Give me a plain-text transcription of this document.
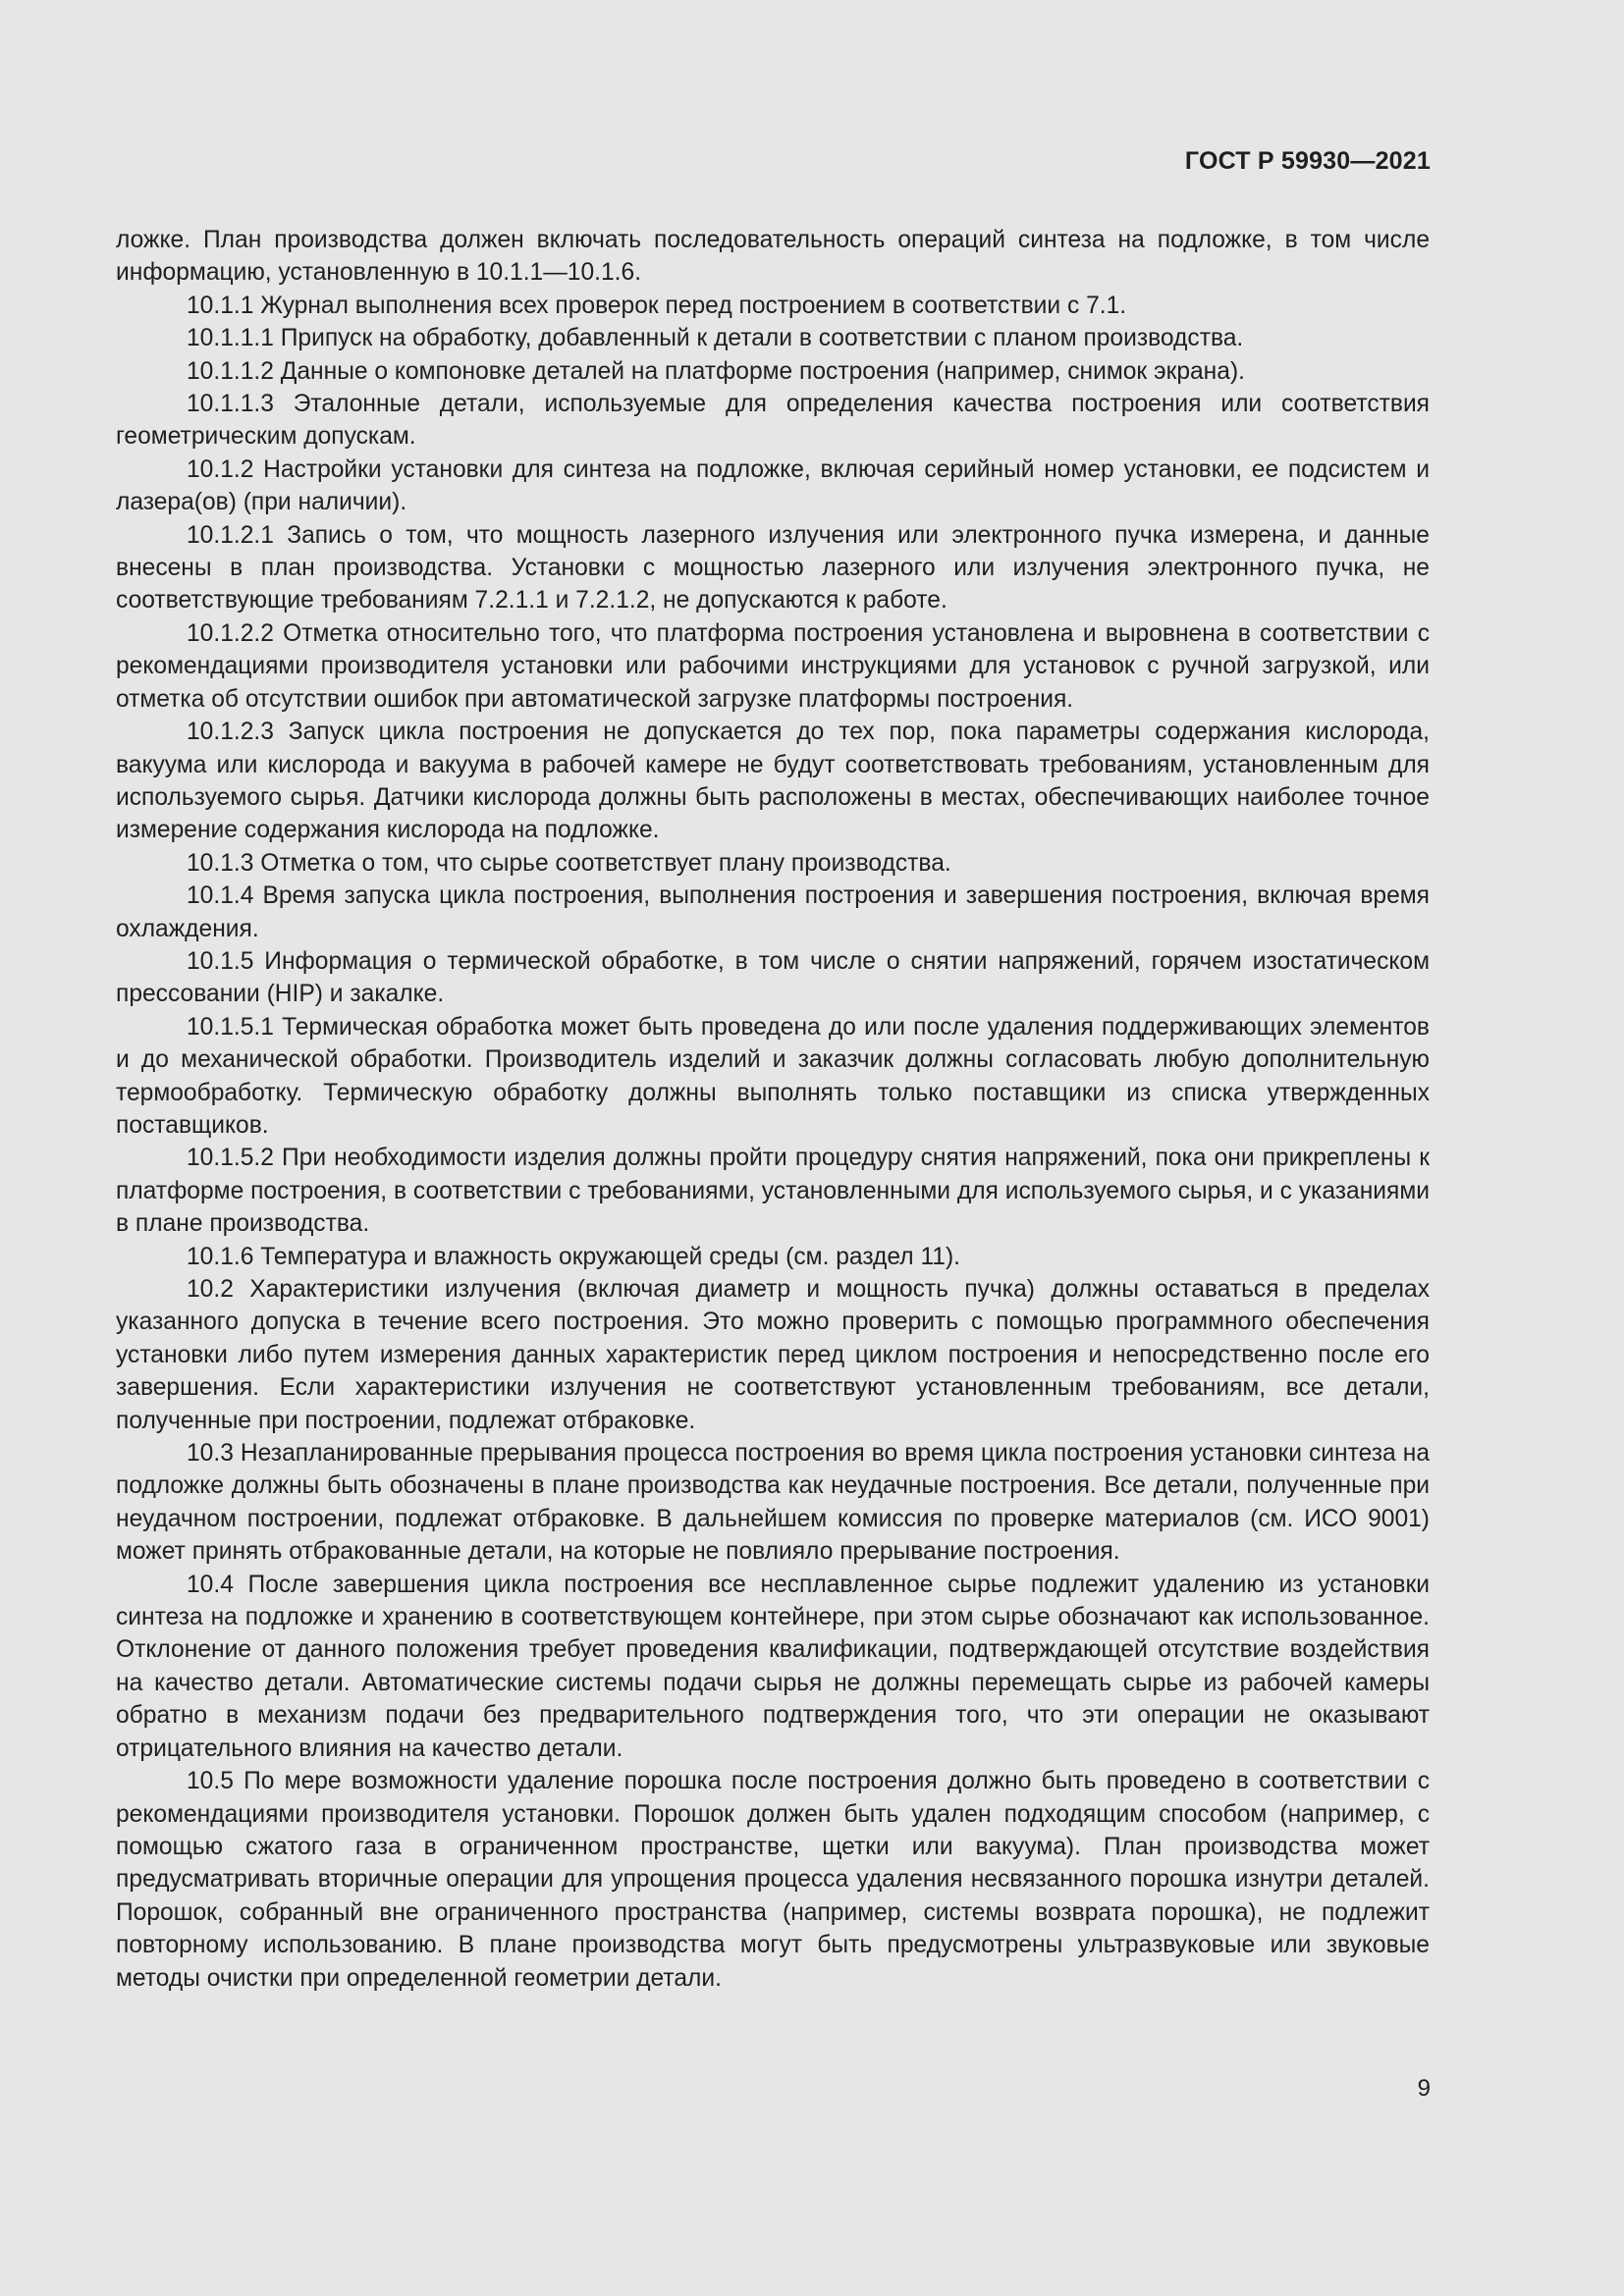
ГОСТ Р 59930—2021

ложке. План производства должен включать последовательность операций синтеза на подложке, в том числе информацию, установленную в 10.1.1—10.1.6.

10.1.1 Журнал выполнения всех проверок перед построением в соответствии с 7.1.

10.1.1.1 Припуск на обработку, добавленный к детали в соответствии с планом производства.

10.1.1.2 Данные о компоновке деталей на платформе построения (например, снимок экрана).

10.1.1.3 Эталонные детали, используемые для определения качества построения или соответствия геометрическим допускам.

10.1.2 Настройки установки для синтеза на подложке, включая серийный номер установки, ее подсистем и лазера(ов) (при наличии).

10.1.2.1 Запись о том, что мощность лазерного излучения или электронного пучка измерена, и данные внесены в план производства. Установки с мощностью лазерного или излучения электронного пучка, не соответствующие требованиям 7.2.1.1 и 7.2.1.2, не допускаются к работе.

10.1.2.2 Отметка относительно того, что платформа построения установлена и выровнена в соответствии с рекомендациями производителя установки или рабочими инструкциями для установок с ручной загрузкой, или отметка об отсутствии ошибок при автоматической загрузке платформы построения.

10.1.2.3 Запуск цикла построения не допускается до тех пор, пока параметры содержания кислорода, вакуума или кислорода и вакуума в рабочей камере не будут соответствовать требованиям, установленным для используемого сырья. Датчики кислорода должны быть расположены в местах, обеспечивающих наиболее точное измерение содержания кислорода на подложке.

10.1.3 Отметка о том, что сырье соответствует плану производства.

10.1.4 Время запуска цикла построения, выполнения построения и завершения построения, включая время охлаждения.

10.1.5 Информация о термической обработке, в том числе о снятии напряжений, горячем изостатическом прессовании (HIP) и закалке.

10.1.5.1 Термическая обработка может быть проведена до или после удаления поддерживающих элементов и до механической обработки. Производитель изделий и заказчик должны согласовать любую дополнительную термообработку. Термическую обработку должны выполнять только поставщики из списка утвержденных поставщиков.

10.1.5.2 При необходимости изделия должны пройти процедуру снятия напряжений, пока они прикреплены к платформе построения, в соответствии с требованиями, установленными для используемого сырья, и с указаниями в плане производства.

10.1.6 Температура и влажность окружающей среды (см. раздел 11).

10.2 Характеристики излучения (включая диаметр и мощность пучка) должны оставаться в пределах указанного допуска в течение всего построения. Это можно проверить с помощью программного обеспечения установки либо путем измерения данных характеристик перед циклом построения и непосредственно после его завершения. Если характеристики излучения не соответствуют установленным требованиям, все детали, полученные при построении, подлежат отбраковке.

10.3 Незапланированные прерывания процесса построения во время цикла построения установки синтеза на подложке должны быть обозначены в плане производства как неудачные построения. Все детали, полученные при неудачном построении, подлежат отбраковке. В дальнейшем комиссия по проверке материалов (см. ИСО 9001) может принять отбракованные детали, на которые не повлияло прерывание построения.

10.4 После завершения цикла построения все несплавленное сырье подлежит удалению из установки синтеза на подложке и хранению в соответствующем контейнере, при этом сырье обозначают как использованное. Отклонение от данного положения требует проведения квалификации, подтверждающей отсутствие воздействия на качество детали. Автоматические системы подачи сырья не должны перемещать сырье из рабочей камеры обратно в механизм подачи без предварительного подтверждения того, что эти операции не оказывают отрицательного влияния на качество детали.

10.5 По мере возможности удаление порошка после построения должно быть проведено в соответствии с рекомендациями производителя установки. Порошок должен быть удален подходящим способом (например, с помощью сжатого газа в ограниченном пространстве, щетки или вакуума). План производства может предусматривать вторичные операции для упрощения процесса удаления несвязанного порошка изнутри деталей. Порошок, собранный вне ограниченного пространства (например, системы возврата порошка), не подлежит повторному использованию. В плане производства могут быть предусмотрены ультразвуковые или звуковые методы очистки при определенной геометрии детали.

9
